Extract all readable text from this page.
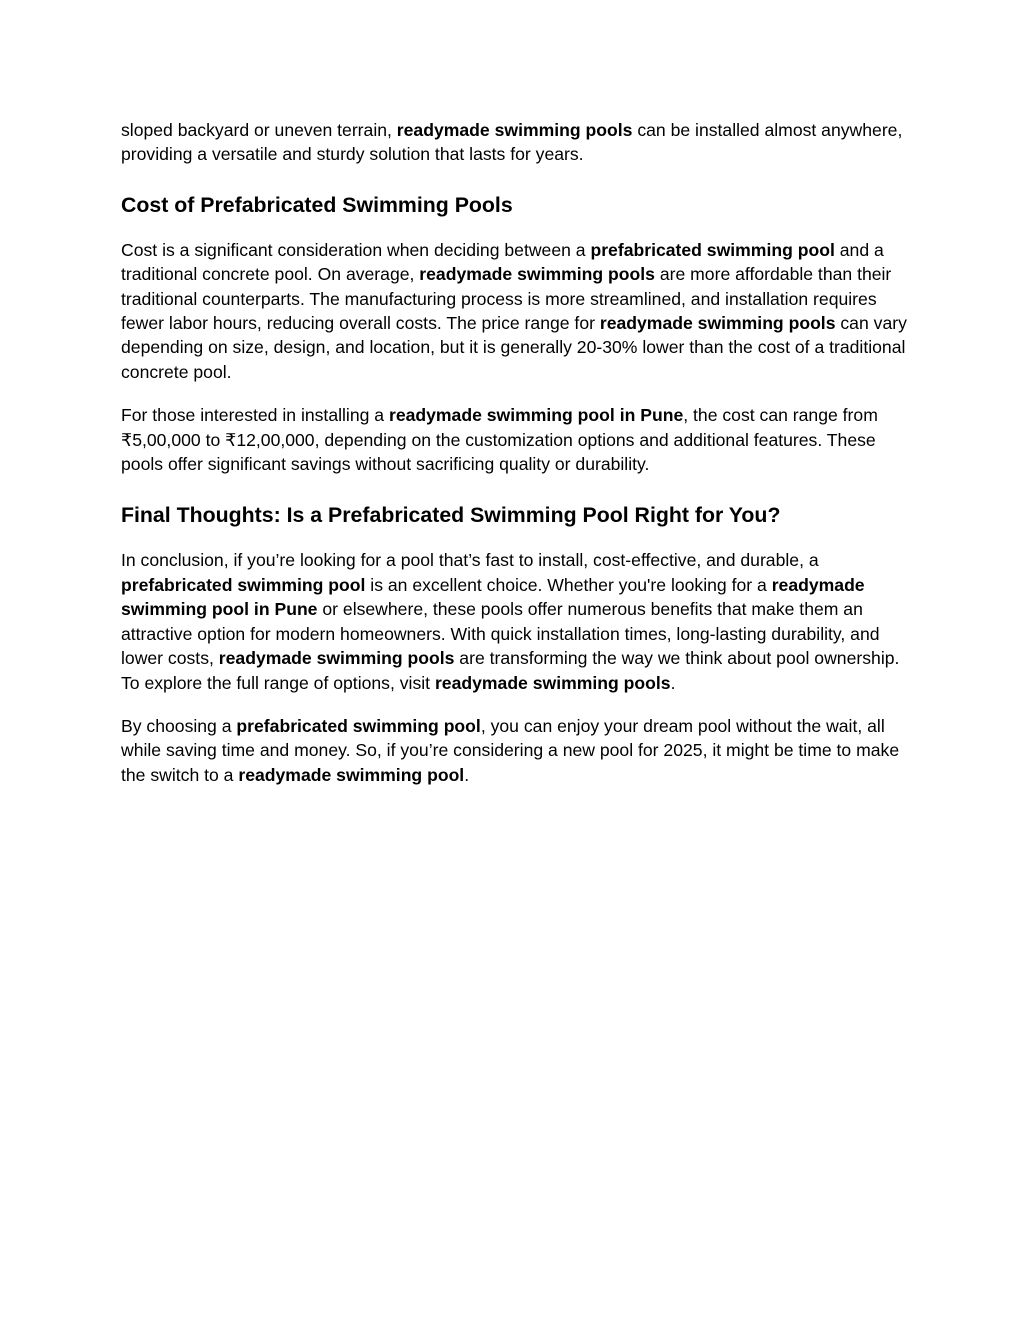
sloped backyard or uneven terrain, readymade swimming pools can be installed almost anywhere, providing a versatile and sturdy solution that lasts for years.

Cost of Prefabricated Swimming Pools

Cost is a significant consideration when deciding between a prefabricated swimming pool and a traditional concrete pool. On average, readymade swimming pools are more affordable than their traditional counterparts. The manufacturing process is more streamlined, and installation requires fewer labor hours, reducing overall costs. The price range for readymade swimming pools can vary depending on size, design, and location, but it is generally 20-30% lower than the cost of a traditional concrete pool.

For those interested in installing a readymade swimming pool in Pune, the cost can range from ₹5,00,000 to ₹12,00,000, depending on the customization options and additional features. These pools offer significant savings without sacrificing quality or durability.

Final Thoughts: Is a Prefabricated Swimming Pool Right for You?

In conclusion, if you’re looking for a pool that’s fast to install, cost-effective, and durable, a prefabricated swimming pool is an excellent choice. Whether you're looking for a readymade swimming pool in Pune or elsewhere, these pools offer numerous benefits that make them an attractive option for modern homeowners. With quick installation times, long-lasting durability, and lower costs, readymade swimming pools are transforming the way we think about pool ownership. To explore the full range of options, visit readymade swimming pools.

By choosing a prefabricated swimming pool, you can enjoy your dream pool without the wait, all while saving time and money. So, if you’re considering a new pool for 2025, it might be time to make the switch to a readymade swimming pool.
